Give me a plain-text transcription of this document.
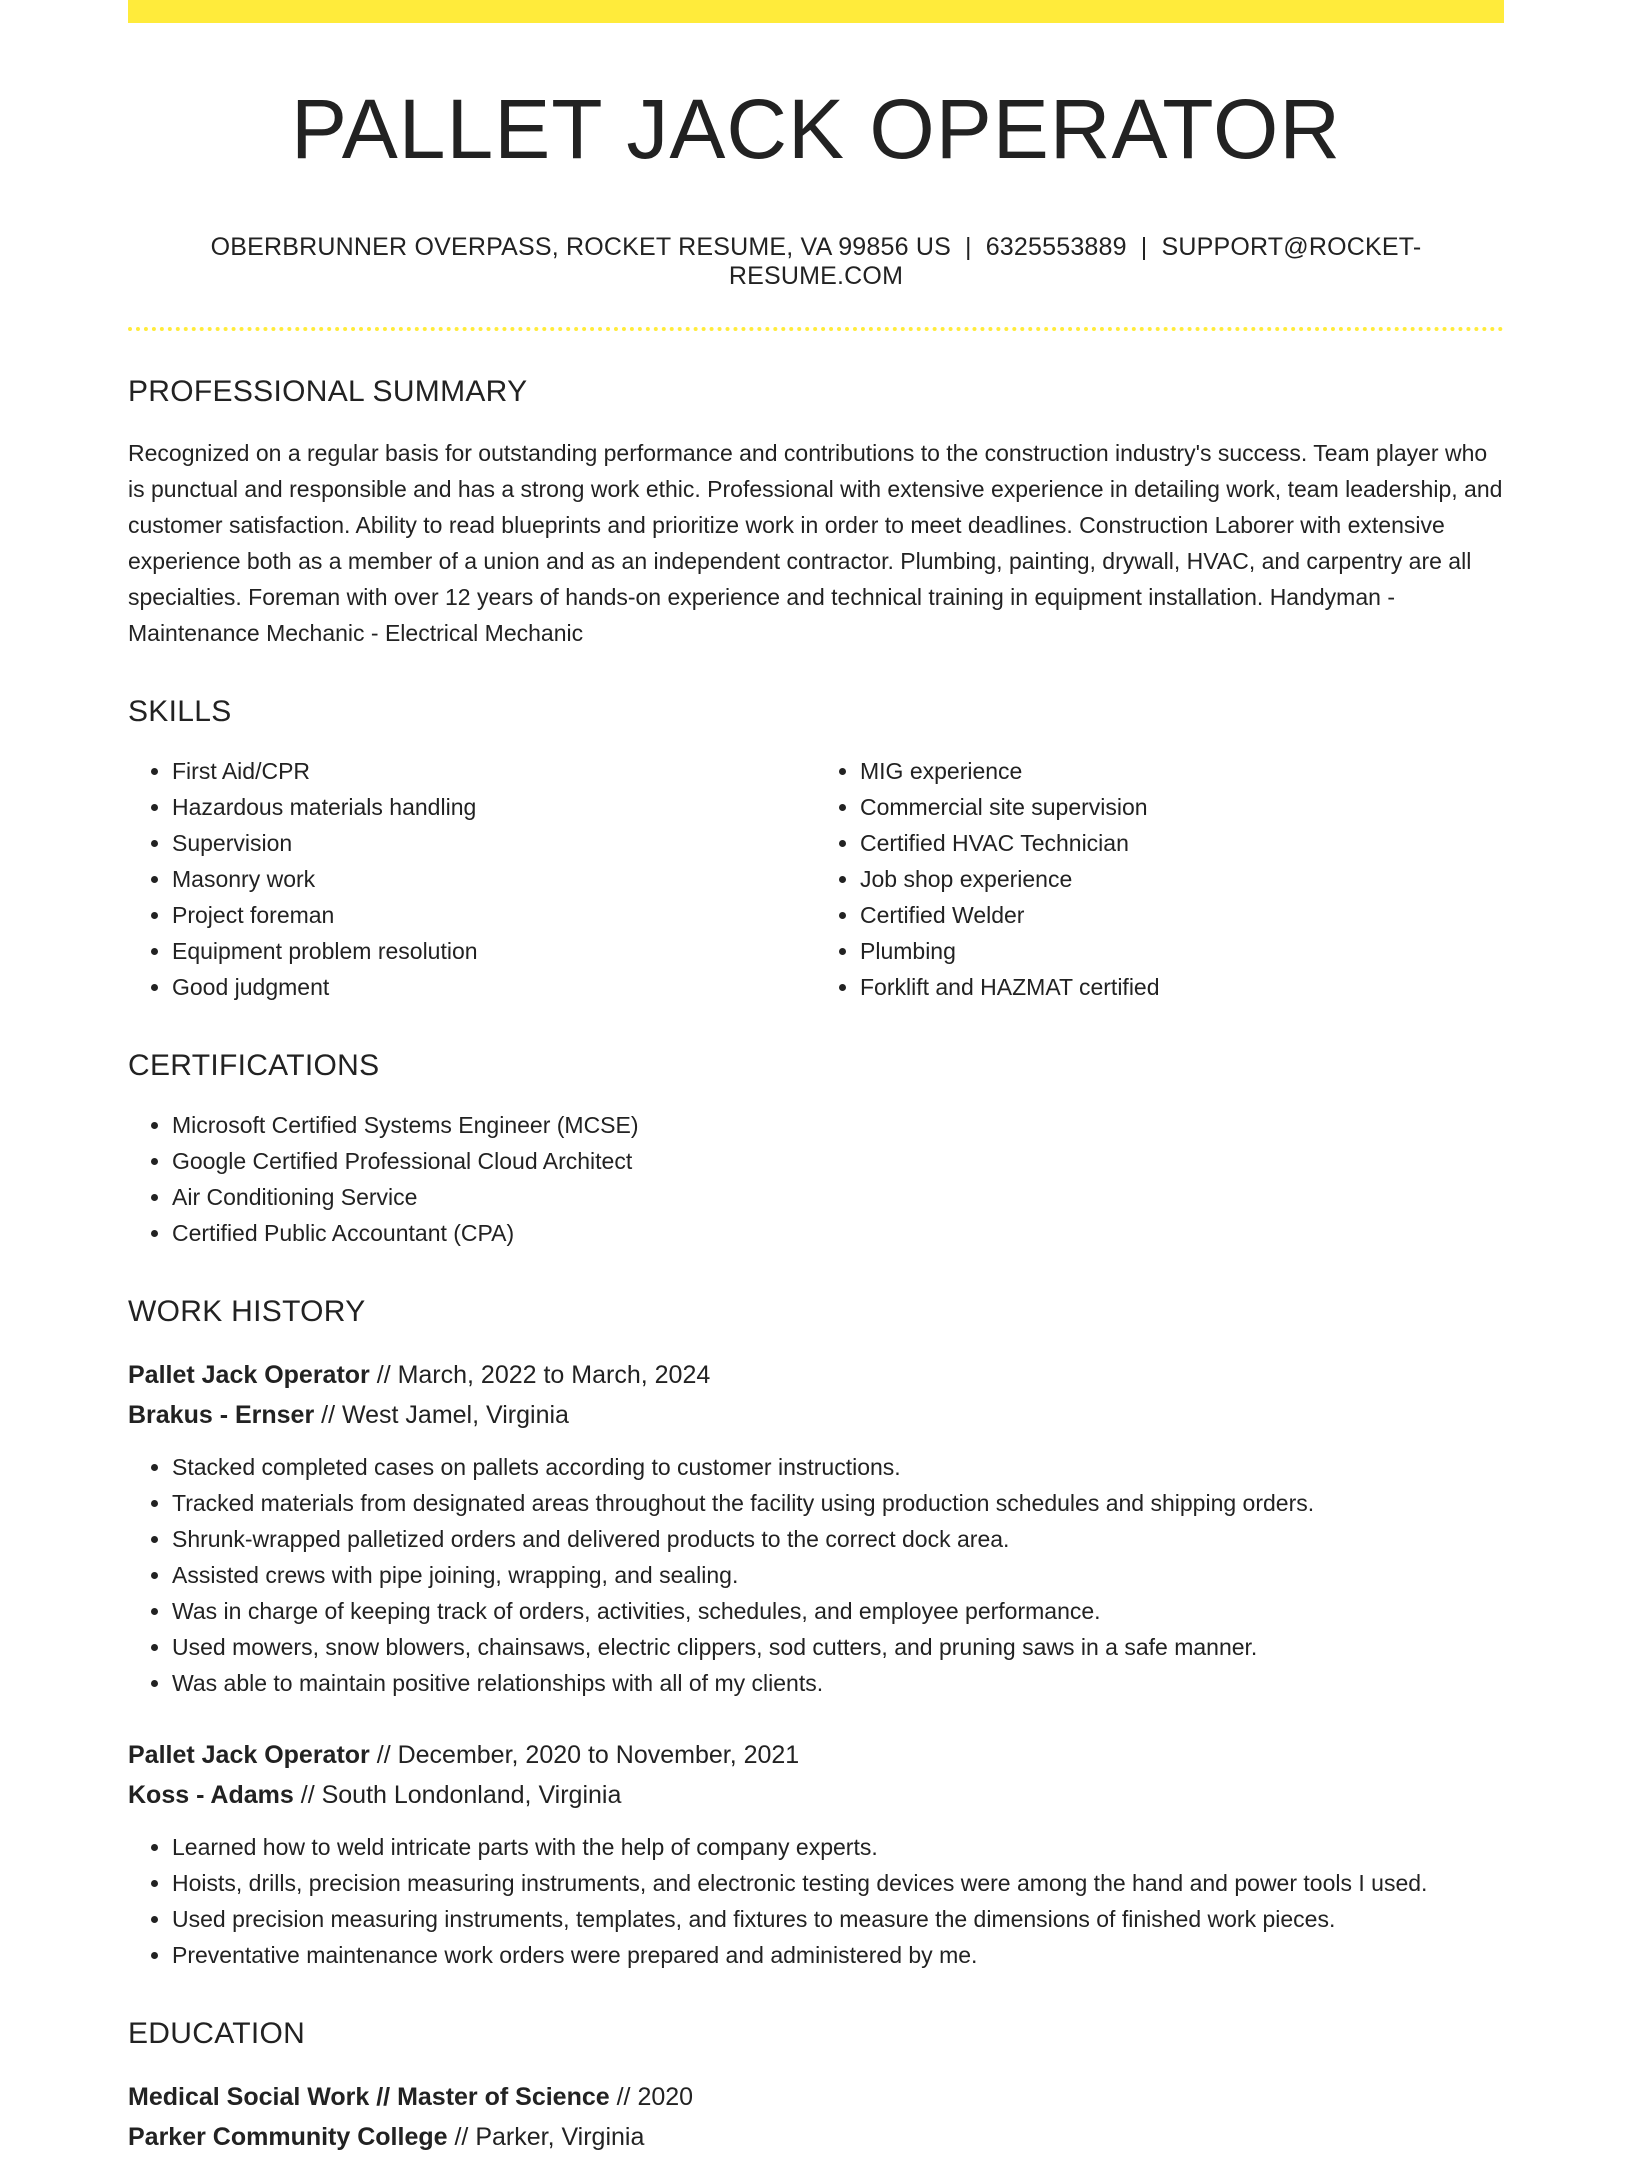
PALLET JACK OPERATOR
OBERBRUNNER OVERPASS, ROCKET RESUME, VA 99856 US | 6325553889 | SUPPORT@ROCKET-RESUME.COM
PROFESSIONAL SUMMARY
Recognized on a regular basis for outstanding performance and contributions to the construction industry's success. Team player who is punctual and responsible and has a strong work ethic. Professional with extensive experience in detailing work, team leadership, and customer satisfaction. Ability to read blueprints and prioritize work in order to meet deadlines. Construction Laborer with extensive experience both as a member of a union and as an independent contractor. Plumbing, painting, drywall, HVAC, and carpentry are all specialties. Foreman with over 12 years of hands-on experience and technical training in equipment installation. Handyman - Maintenance Mechanic - Electrical Mechanic
SKILLS
• First Aid/CPR
• Hazardous materials handling
• Supervision
• Masonry work
• Project foreman
• Equipment problem resolution
• Good judgment
• MIG experience
• Commercial site supervision
• Certified HVAC Technician
• Job shop experience
• Certified Welder
• Plumbing
• Forklift and HAZMAT certified
CERTIFICATIONS
• Microsoft Certified Systems Engineer (MCSE)
• Google Certified Professional Cloud Architect
• Air Conditioning Service
• Certified Public Accountant (CPA)
WORK HISTORY
Pallet Jack Operator // March, 2022 to March, 2024
Brakus - Ernser // West Jamel, Virginia
• Stacked completed cases on pallets according to customer instructions.
• Tracked materials from designated areas throughout the facility using production schedules and shipping orders.
• Shrunk-wrapped palletized orders and delivered products to the correct dock area.
• Assisted crews with pipe joining, wrapping, and sealing.
• Was in charge of keeping track of orders, activities, schedules, and employee performance.
• Used mowers, snow blowers, chainsaws, electric clippers, sod cutters, and pruning saws in a safe manner.
• Was able to maintain positive relationships with all of my clients.
Pallet Jack Operator // December, 2020 to November, 2021
Koss - Adams // South Londonland, Virginia
• Learned how to weld intricate parts with the help of company experts.
• Hoists, drills, precision measuring instruments, and electronic testing devices were among the hand and power tools I used.
• Used precision measuring instruments, templates, and fixtures to measure the dimensions of finished work pieces.
• Preventative maintenance work orders were prepared and administered by me.
EDUCATION
Medical Social Work // Master of Science // 2020
Parker Community College // Parker, Virginia
